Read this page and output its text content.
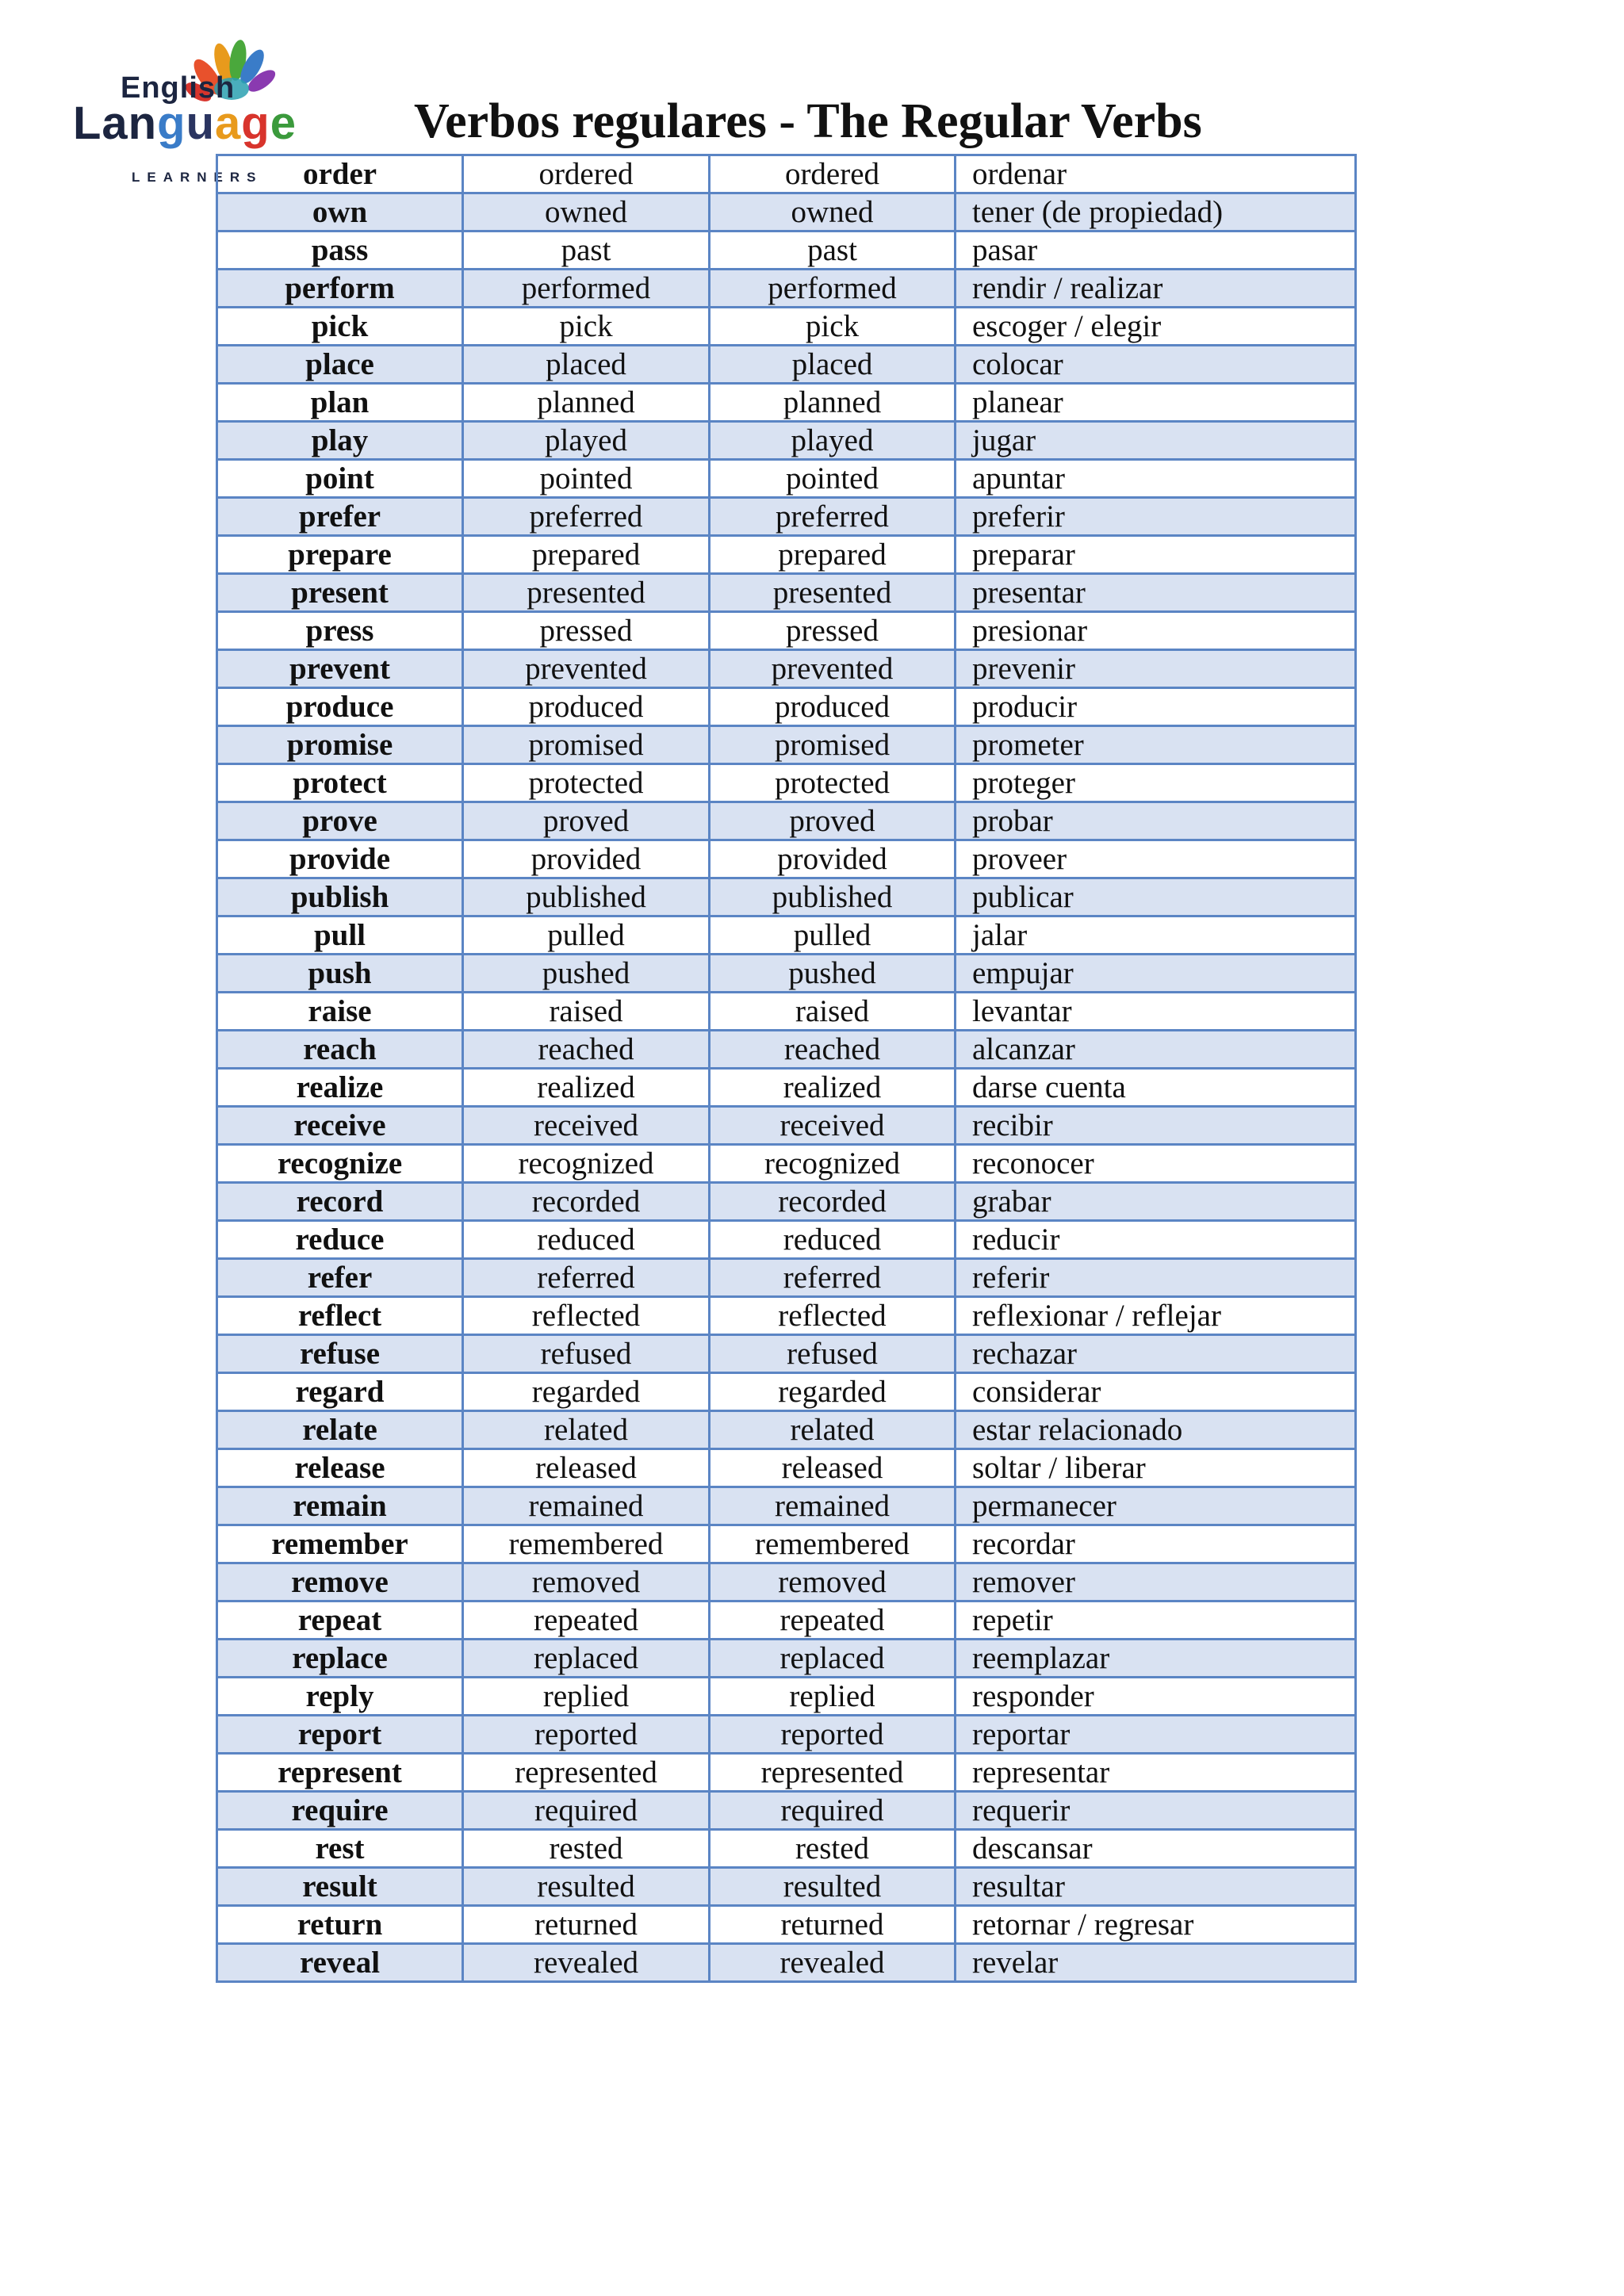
English
Language
LEARNERS
Verbos regulares - The Regular Verbs
order	ordered	ordered	ordenar
own	owned	owned	tener (de propiedad)
pass	past	past	pasar
perform	performed	performed	rendir / realizar
pick	pick	pick	escoger / elegir
place	placed	placed	colocar
plan	planned	planned	planear
play	played	played	jugar
point	pointed	pointed	apuntar
prefer	preferred	preferred	preferir
prepare	prepared	prepared	preparar
present	presented	presented	presentar
press	pressed	pressed	presionar
prevent	prevented	prevented	prevenir
produce	produced	produced	producir
promise	promised	promised	prometer
protect	protected	protected	proteger
prove	proved	proved	probar
provide	provided	provided	proveer
publish	published	published	publicar
pull	pulled	pulled	jalar
push	pushed	pushed	empujar
raise	raised	raised	levantar
reach	reached	reached	alcanzar
realize	realized	realized	darse cuenta
receive	received	received	recibir
recognize	recognized	recognized	reconocer
record	recorded	recorded	grabar
reduce	reduced	reduced	reducir
refer	referred	referred	referir
reflect	reflected	reflected	reflexionar / reflejar
refuse	refused	refused	rechazar
regard	regarded	regarded	considerar
relate	related	related	estar relacionado
release	released	released	soltar / liberar
remain	remained	remained	permanecer
remember	remembered	remembered	recordar
remove	removed	removed	remover
repeat	repeated	repeated	repetir
replace	replaced	replaced	reemplazar
reply	replied	replied	responder
report	reported	reported	reportar
represent	represented	represented	representar
require	required	required	requerir
rest	rested	rested	descansar
result	resulted	resulted	resultar
return	returned	returned	retornar / regresar
reveal	revealed	revealed	revelar
